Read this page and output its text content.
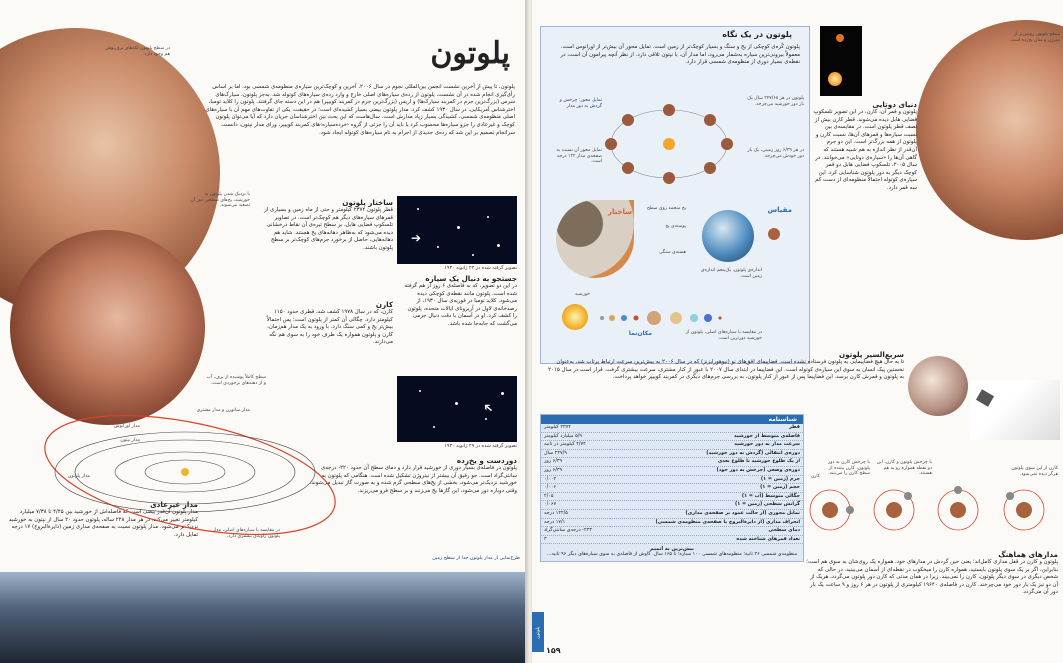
پلوتون
پلوتون، تا پیش از آخرین نشست انجمن بین‌المللی نجوم در سال ۲۰۰۶، آخرین و کوچک‌ترین سیاره‌ی منظومه‌ی شمسی بود. اما بر اساس رأی‌گیری انجام شده در آن نشست، پلوتون از رده‌ی سیاره‌های اصلی خارج و وارد رده‌ی سیاره‌های کوتوله شد. به‌جز پلوتون، سیارک‌های سرس (بزرگ‌ترین جرم در کمربند سیارک‌ها) و اریس (بزرگ‌ترین جرم در کمربند کوییپر) هم در این دسته جای گرفتند. پلوتون را کلاید تومبا، اخترشناس آمریکایی، در سال ۱۹۳۰ کشف کرد. مدار پلوتون بیضی بسیار کشیده‌ای است؛ در حقیقت، یکی از تفاوت‌های مهم آن با سیاره‌های اصلی منظومه‌ی شمسی، کشیدگی بسیار زیاد مدارش است. سال‌هاست که این بحث بین اخترشناسان جریان دارد که آیا می‌توان پلوتون کوچک و غیرعادی را جزو سیاره‌ها محسوب کرد یا باید آن را جزئی از گروه ‹خرده‌سیاره›های کمربند کوییپر، ورای مدار نپتون، دانست. سرانجام تصمیم بر این شد که رده‌ی جدیدی از اجرام به نام سیاره‌های کوتوله ایجاد شود.
در سطح پلوتون لکه‌های برف‌پوش هم وجود دارد.
با نزدیک شدن پلوتون به خورشید، یخ‌های سطحی دور آن تصعید می‌شوند.
سطح کاملاً پوشیده از برف، آب و از دهنه‌های برخوردی است.
➔
تصویر گرفته شده در ۲۳ ژانویه ۱۹۳۰
➔
تصویر گرفته شده در ۲۹ ژانویه ۱۹۳۰
ساختار پلوتون
قطر پلوتون ۲۳۷۴ کیلومتر و حتی از ماه زمین و بسیاری از قمرهای سیاره‌های دیگر هم کوچک‌تر است. در تصاویر تلسکوپ فضایی هابل، بر سطح تیره‌ی آن نقاط درخشانی دیده می‌شود که به‌ظاهر دهانه‌های یخ هستند. شاید هم دهانه‌هایی، حاصل از برخورد جرم‌های کوچک‌تر بر سطح پلوتون باشند.
جستجو به دنبال یک سیاره
در این دو تصویر، که به فاصله‌ی ۶ روز از هم گرفته شده است، پلوتون مانند نقطه‌ی کوچکی دیده می‌شود. کلاید تومبا در فوریه‌ی سال ۱۹۳۰، از رصدخانه‌ی لاول در آریزونای ایالات متحده، پلوتون را کشف کرد. او در آسمان با دقت دنبال جرمی می‌گشت که جابه‌جا شده باشد.
کارن
کارن، که در سال ۱۹۷۸ کشف شد، قطری حدود ۱۱۵۰ کیلومتر دارد. چگالی آن کمتر از پلوتون است؛ پس احتمالاً بیش‌تر یخ و کمی سنگ دارد. با ورود به یک مدار هم‌زمان، کارن و پلوتون همواره یک طرف خود را به سوی هم نگه می‌دارند.
دوردست و یخ‌زده
پلوتون در فاصله‌ی بسیار دوری از خورشید قرار دارد و دمای سطح آن حدود ۲۲۰- درجه‌ی سانتی‌گراد است. جو رقیق آن بیشتر از نیتروژن تشکیل شده است. هنگامی که پلوتون به خورشید نزدیک‌تر می‌شود، بخشی از یخ‌های سطحی گرم شده و به صورت گاز تبدیل می‌شوند. وقتی دوباره دور می‌شود، این گازها یخ می‌زنند و بر سطح فرو می‌ریزند.
مدار غیرعادی
مدار پلوتون آن‌قدر بیضی است که فاصله‌اش از خورشید بین ۴/۴۵ تا ۷/۳۸ میلیارد کیلومتر تغییر می‌کند. در هر مدار ۲۴۸ ساله، پلوتون حدود ۲۰ سال از نپتون به خورشید نزدیک‌تر می‌شود. مدار پلوتون نسبت به صفحه‌ی مداری زمین (دایرةالبروج) ۱۷ درجه تمایل دارد.
مدار اورانوس
مدار نپتون
مدار ساتورن و مدار مشتری
مدار پلوتون
در مقایسه با سیاره‌های اصلی، مدار پلوتون زاویه‌ی بیشتری دارد.
طرح‌نمایی از مدار پلوتون جدا از سطح زمین
خورشید
پلوتون در یک نگاه
پلوتون کُره‌ی کوچکی از یخ و سنگ و بسیار کوچک‌تر از زمین است. تمایل محور آن بیش‌تر از اورانوس است. معمولاً بیرونی‌ترین سیاره به‌شمار می‌رود، اما مدار آن، با نپتون تلاقی دارد. از نظر آنچه پیرامون آن است، در نقطه‌ی بسیار دوری از منظومه‌ی شمسی قرار دارد.
تمایل محور: چرخش و گردش به دور مدار
پلوتون در هر ۲۴۷/۶۸ سال یک بار دور خورشید می‌چرخد.
در هر ۶/۳۹ روز زمینی، یک بار دور خودش می‌چرخد.
تمایل محور آن نسبت به صفحه‌ی مدار ۱۲۲ درجه است.
ساختار	یخ منجمد روی سطح
پوسته‌ی یخ
هسته‌ی سنگی
مقیاس
اندازه‌ی پلوتون، یک‌پنجم اندازه‌ی زمین است.
خورشید
مکان‌نما	در مقایسه با سیاره‌های اصلی، پلوتون از خورشید دورترین است.
سطح پلوتون روشن‌تر از نیترژن و متان یخ‌زده است.
دنیای دوتایی
پلوتون و قمر آن، کارن، در این تصویر تلسکوپ فضایی هابل دیده می‌شوند. قطر کارن بیش از نصف قطر پلوتون است. در مقایسه‌ی بین نسبت سیاره‌ها و قمرهای آن‌ها، نسبت کارن و پلوتون از همه بزرگ‌تر است. این دو جرم آن‌قدر از نظر اندازه به هم شبیه هستند که گاهی آن‌ها را «سیاره‌ی دوتایی» می‌خوانند. در سال ۲۰۰۵، تلسکوپ فضایی هابل دو قمر کوچک دیگر به دور پلوتون شناسایی کرد. این سیاره‌ی کوتوله احتمالاً منظومه‌ای از دست کم سه قمر دارد.
سریع‌السیر پلوتون
تا به حال هیچ فضاپیمایی به پلوتون فرستاده نشده است. فضاپیمای افق‌های نو (نیوهورایزنز) که در سال ۲۰۰۶ به بیش‌ترین سرعت ارتباط پرتاب شد، به‌عنوان نخستین پیک انسان به سوی این سیاره‌ی کوتوله است. این فضاپیما در ابتدای سال ۲۰۰۷ با عبور از کنار مشتری، سرعت بیشتری گرفت. قرار است در سال ۲۰۱۵ به پلوتون و قمرش کارن برسد. این فضاپیما پس از عبور از کنار پلوتون، به بررسی جرم‌های دیگری در کمربند کوییپر خواهد پرداخت.
شناسنامه
قطر	۲۳۷۴ کیلومتر
فاصله‌ی متوسط از خورشید	۵/۹ میلیارد کیلومتر
سرعت مدار به دور خورشید	۴/۷۴ کیلومتر در ثانیه
دوره‌ی انتقالی (گردش به دور خورشید)	۲۴۷/۹ سال
از یک طلوع خورشید تا طلوع بعدی	۶/۳۹ روز
دوره‌ی وضعی (چرخش به دور خود)	۶/۳۹ روز
جرم (زمین = ۱)	۰/۰۰۲
حجم (زمین = ۱)	۰/۰۰۶
چگالی متوسط (آب = ۱)	۲/۰۵
گرانش سطحی (زمین = ۱)	۰/۰۶۷
تمایل محوری (از حالت عمود بر صفحه‌ی مداری)	۱۲۲/۵ درجه
انحراف مداری (از دایرةالبروج یا صفحه‌ی منظومه‌ی شمسی)	۱۷/۱ درجه
دمای سطحی	۲۲۳- درجه‌ی سانتی‌گراد
تعداد قمرهای شناخته شده	۳
بیش‌ترین به اتمیم
منظومه‌ی شمسی ۴۶ ثانیه؛ منظومه‌های شمسی ۱۰۰ سیاره؛ تا ۱۶۵ سال. گاوش از فاصله‌ی به سوی سیاره‌های دیگر ۹۶ ثانیه...
کارن
با چرخش پلوتون و کارن، این دو نقطه همواره رو به هم هستند.
با چرخش کارن به دور پلوتون، کارن بیننده از سطح کارن را می‌بیند.
کارن از این سوی پلوتون هرگز دیده نمی‌شود.
مدارهای هماهنگ
پلوتون و کارن در قفل مداری کامل‌اند؛ یعنی حین گردش در مدارهای خود، همواره یک روی‌شان به سوی هم است؛ بنابراین، اگر بر یک سوی پلوتون بایستید، همواره کارن را میخکوب در نقطه‌ای از آسمان می‌بینید. در حالی که شخص دیگری در سوی دیگر پلوتون، کارن را نمی‌بیند. زیرا در همان مدتی که کارن دور پلوتون می‌گردد، هریک از آن دو نیز یک بار دور خود می‌چرخند. کارن در فاصله‌ی ۱۹۶۴۰ کیلومتری از پلوتون در هر ۶ روز و ۹ ساعت یک بار دور آن می‌گردد.
پلوتون
۱۵۹
